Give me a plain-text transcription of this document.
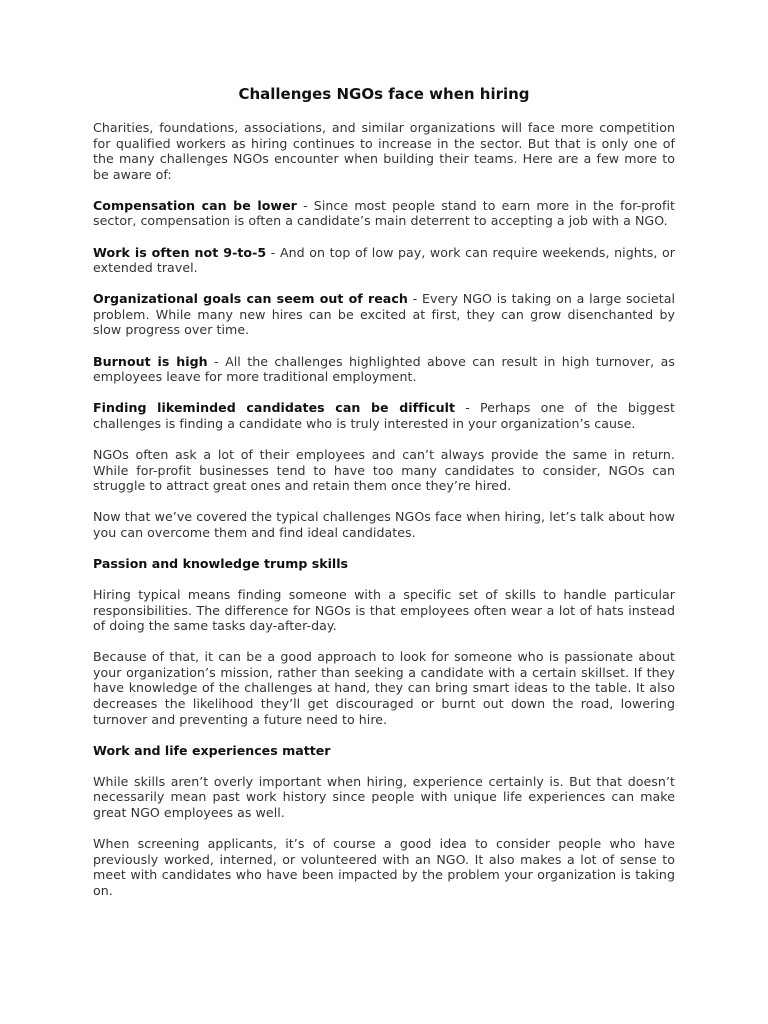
Challenges NGOs face when hiring

Charities, foundations, associations, and similar organizations will face more competition for qualified workers as hiring continues to increase in the sector. But that is only one of the many challenges NGOs encounter when building their teams. Here are a few more to be aware of:

Compensation can be lower - Since most people stand to earn more in the for-profit sector, compensation is often a candidate’s main deterrent to accepting a job with a NGO.

Work is often not 9-to-5 - And on top of low pay, work can require weekends, nights, or extended travel.

Organizational goals can seem out of reach - Every NGO is taking on a large societal problem. While many new hires can be excited at first, they can grow disenchanted by slow progress over time.

Burnout is high - All the challenges highlighted above can result in high turnover, as employees leave for more traditional employment.

Finding likeminded candidates can be difficult - Perhaps one of the biggest challenges is finding a candidate who is truly interested in your organization’s cause.

NGOs often ask a lot of their employees and can’t always provide the same in return. While for-profit businesses tend to have too many candidates to consider, NGOs can struggle to attract great ones and retain them once they’re hired.

Now that we’ve covered the typical challenges NGOs face when hiring, let’s talk about how you can overcome them and find ideal candidates.

Passion and knowledge trump skills

Hiring typical means finding someone with a specific set of skills to handle particular responsibilities. The difference for NGOs is that employees often wear a lot of hats instead of doing the same tasks day-after-day.

Because of that, it can be a good approach to look for someone who is passionate about your organization’s mission, rather than seeking a candidate with a certain skillset. If they have knowledge of the challenges at hand, they can bring smart ideas to the table. It also decreases the likelihood they’ll get discouraged or burnt out down the road, lowering turnover and preventing a future need to hire.

Work and life experiences matter

While skills aren’t overly important when hiring, experience certainly is. But that doesn’t necessarily mean past work history since people with unique life experiences can make great NGO employees as well.

When screening applicants, it’s of course a good idea to consider people who have previously worked, interned, or volunteered with an NGO. It also makes a lot of sense to meet with candidates who have been impacted by the problem your organization is taking on.
